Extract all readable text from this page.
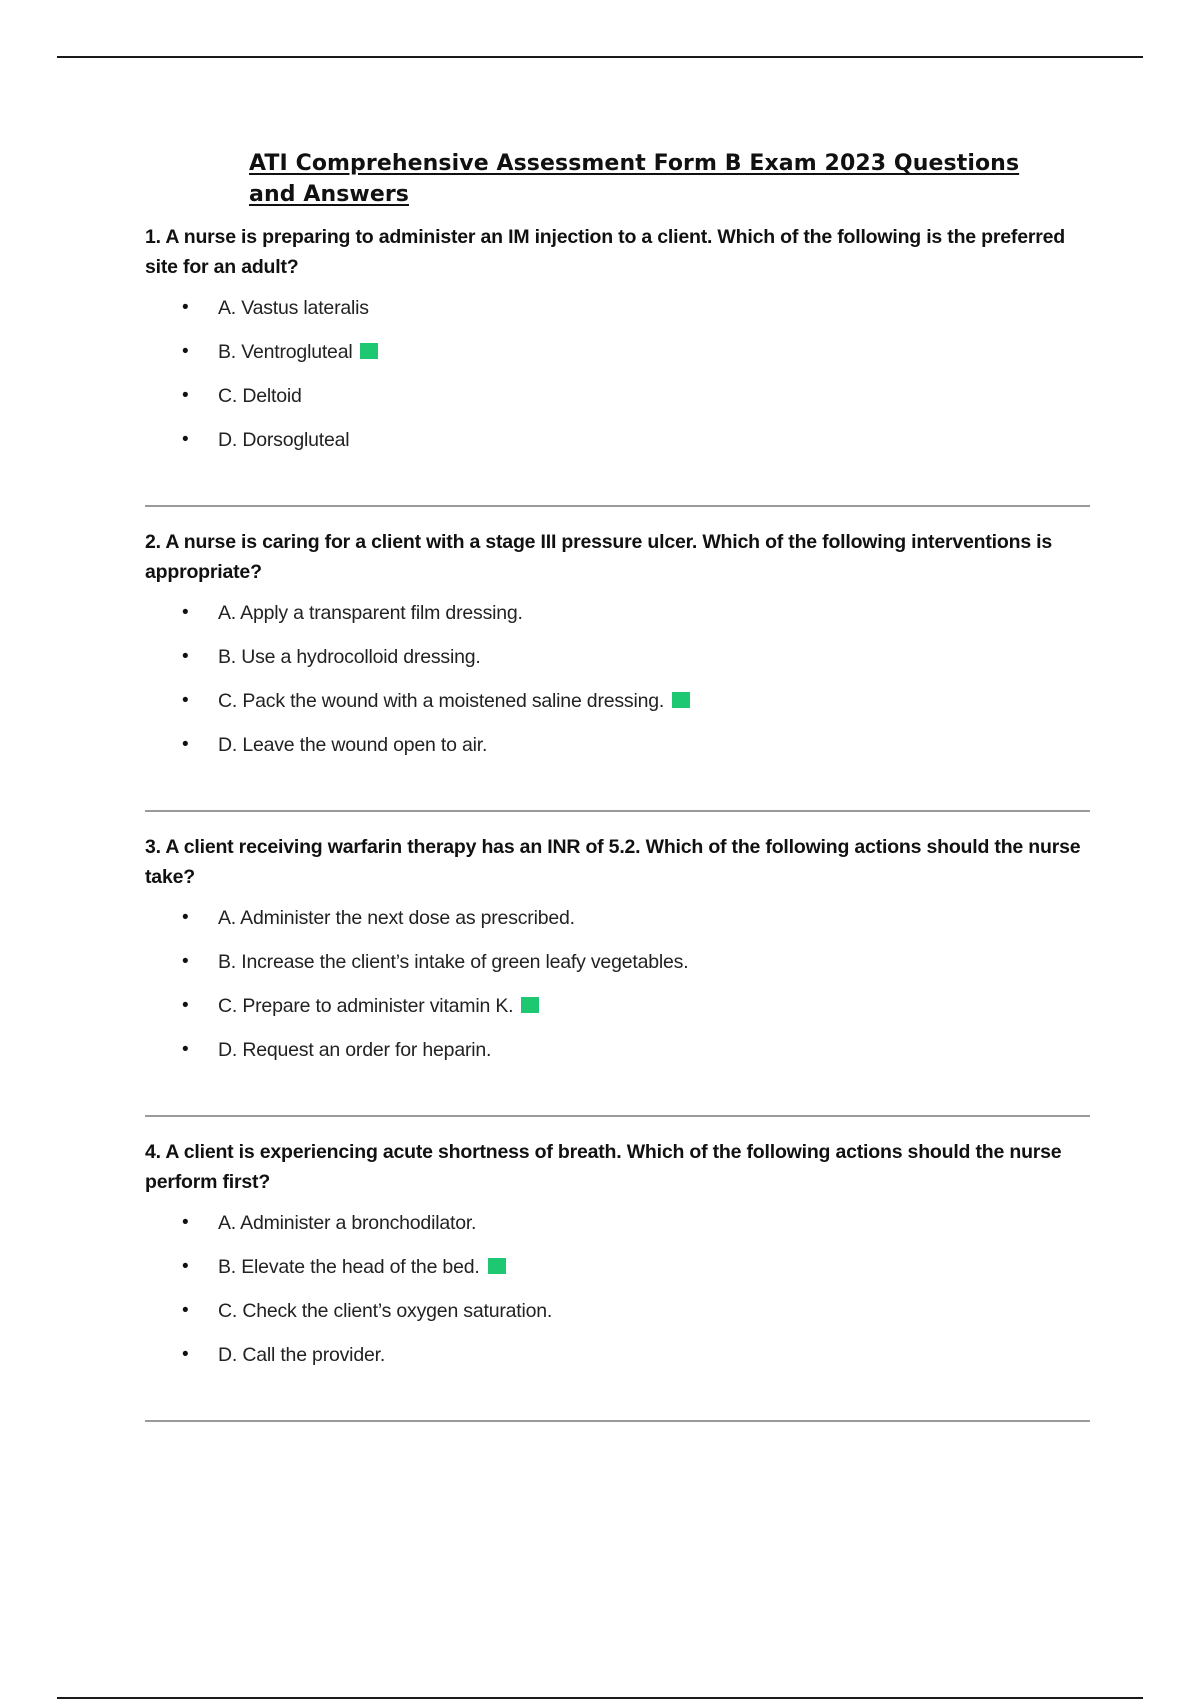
ATI Comprehensive Assessment Form B Exam 2023 Questions and Answers

1. A nurse is preparing to administer an IM injection to a client. Which of the following is the preferred site for an adult?

• A. Vastus lateralis
• B. Ventrogluteal
• C. Deltoid
• D. Dorsogluteal

2. A nurse is caring for a client with a stage III pressure ulcer. Which of the following interventions is appropriate?

• A. Apply a transparent film dressing.
• B. Use a hydrocolloid dressing.
• C. Pack the wound with a moistened saline dressing.
• D. Leave the wound open to air.

3. A client receiving warfarin therapy has an INR of 5.2. Which of the following actions should the nurse take?

• A. Administer the next dose as prescribed.
• B. Increase the client’s intake of green leafy vegetables.
• C. Prepare to administer vitamin K.
• D. Request an order for heparin.

4. A client is experiencing acute shortness of breath. Which of the following actions should the nurse perform first?

• A. Administer a bronchodilator.
• B. Elevate the head of the bed.
• C. Check the client’s oxygen saturation.
• D. Call the provider.
